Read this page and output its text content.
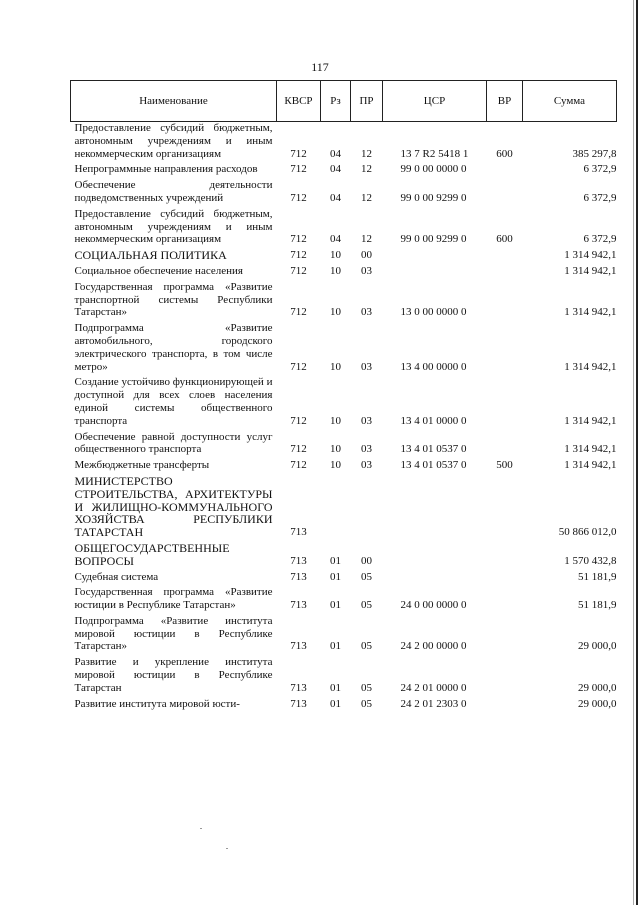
117
Наименование	КВСР	Рз	ПР	ЦСР	ВР	Сумма
Предоставление субсидий бюджетным, автономным учреждениям и иным некоммерческим организациям	712	04	12	13 7 R2 5418 1	600	385 297,8

Непрограммные направления расходов	712	04	12	99 0 00 0000 0		6 372,9

Обеспечение деятельности подведомственных учреждений	712	04	12	99 0 00 9299 0		6 372,9

Предоставление субсидий бюджетным, автономным учреждениям и иным некоммерческим организациям	712	04	12	99 0 00 9299 0	600	6 372,9

СОЦИАЛЬНАЯ ПОЛИТИКА	712	10	00			1 314 942,1

Социальное обеспечение населения	712	10	03			1 314 942,1

Государственная программа «Развитие транспортной системы Республики Татарстан»	712	10	03	13 0 00 0000 0		1 314 942,1

Подпрограмма «Развитие автомобильного, городского электрического транспорта, в том числе метро»	712	10	03	13 4 00 0000 0		1 314 942,1

Создание устойчиво функционирующей и доступной для всех слоев населения единой системы общественного транспорта	712	10	03	13 4 01 0000 0		1 314 942,1

Обеспечение равной доступности услуг общественного транспорта	712	10	03	13 4 01 0537 0		1 314 942,1

Межбюджетные трансферты	712	10	03	13 4 01 0537 0	500	1 314 942,1

МИНИСТЕРСТВО СТРОИТЕЛЬСТВА, АРХИТЕКТУРЫ И ЖИЛИЩНО-КОММУНАЛЬНОГО ХОЗЯЙСТВА РЕСПУБЛИКИ ТАТАРСТАН	713					50 866 012,0

ОБЩЕГОСУДАРСТВЕННЫЕ ВОПРОСЫ	713	01	00			1 570 432,8

Судебная система	713	01	05			51 181,9

Государственная программа «Развитие юстиции в Республике Татарстан»	713	01	05	24 0 00 0000 0		51 181,9

Подпрограмма «Развитие института мировой юстиции в Республике Татарстан»	713	01	05	24 2 00 0000 0		29 000,0

Развитие и укрепление института мировой юстиции в Республике Татарстан	713	01	05	24 2 01 0000 0		29 000,0

Развитие института мировой юсти-	713	01	05	24 2 01 2303 0		29 000,0
